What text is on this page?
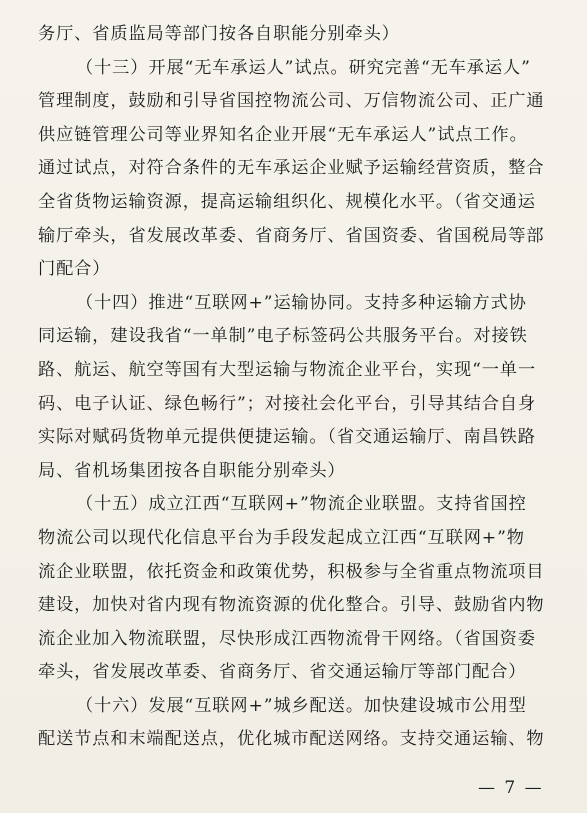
务厅、省质监局等部门按各自职能分别牵头）
（十三）开展“无车承运人”试点。研究完善“无车承运人”
管理制度，鼓励和引导省国控物流公司、万信物流公司、正广通
供应链管理公司等业界知名企业开展“无车承运人”试点工作。
通过试点，对符合条件的无车承运企业赋予运输经营资质，整合
全省货物运输资源，提高运输组织化、规模化水平。（省交通运
输厅牵头，省发展改革委、省商务厅、省国资委、省国税局等部
门配合）
（十四）推进“互联网+”运输协同。支持多种运输方式协
同运输，建设我省“一单制”电子标签码公共服务平台。对接铁
路、航运、航空等国有大型运输与物流企业平台，实现“一单一
码、电子认证、绿色畅行”；对接社会化平台，引导其结合自身
实际对赋码货物单元提供便捷运输。（省交通运输厅、南昌铁路
局、省机场集团按各自职能分别牵头）
（十五）成立江西“互联网+”物流企业联盟。支持省国控
物流公司以现代化信息平台为手段发起成立江西“互联网+”物
流企业联盟，依托资金和政策优势，积极参与全省重点物流项目
建设，加快对省内现有物流资源的优化整合。引导、鼓励省内物
流企业加入物流联盟，尽快形成江西物流骨干网络。（省国资委
牵头，省发展改革委、省商务厅、省交通运输厅等部门配合）
（十六）发展“互联网+”城乡配送。加快建设城市公用型
配送节点和末端配送点，优化城市配送网络。支持交通运输、物
— 7 —
